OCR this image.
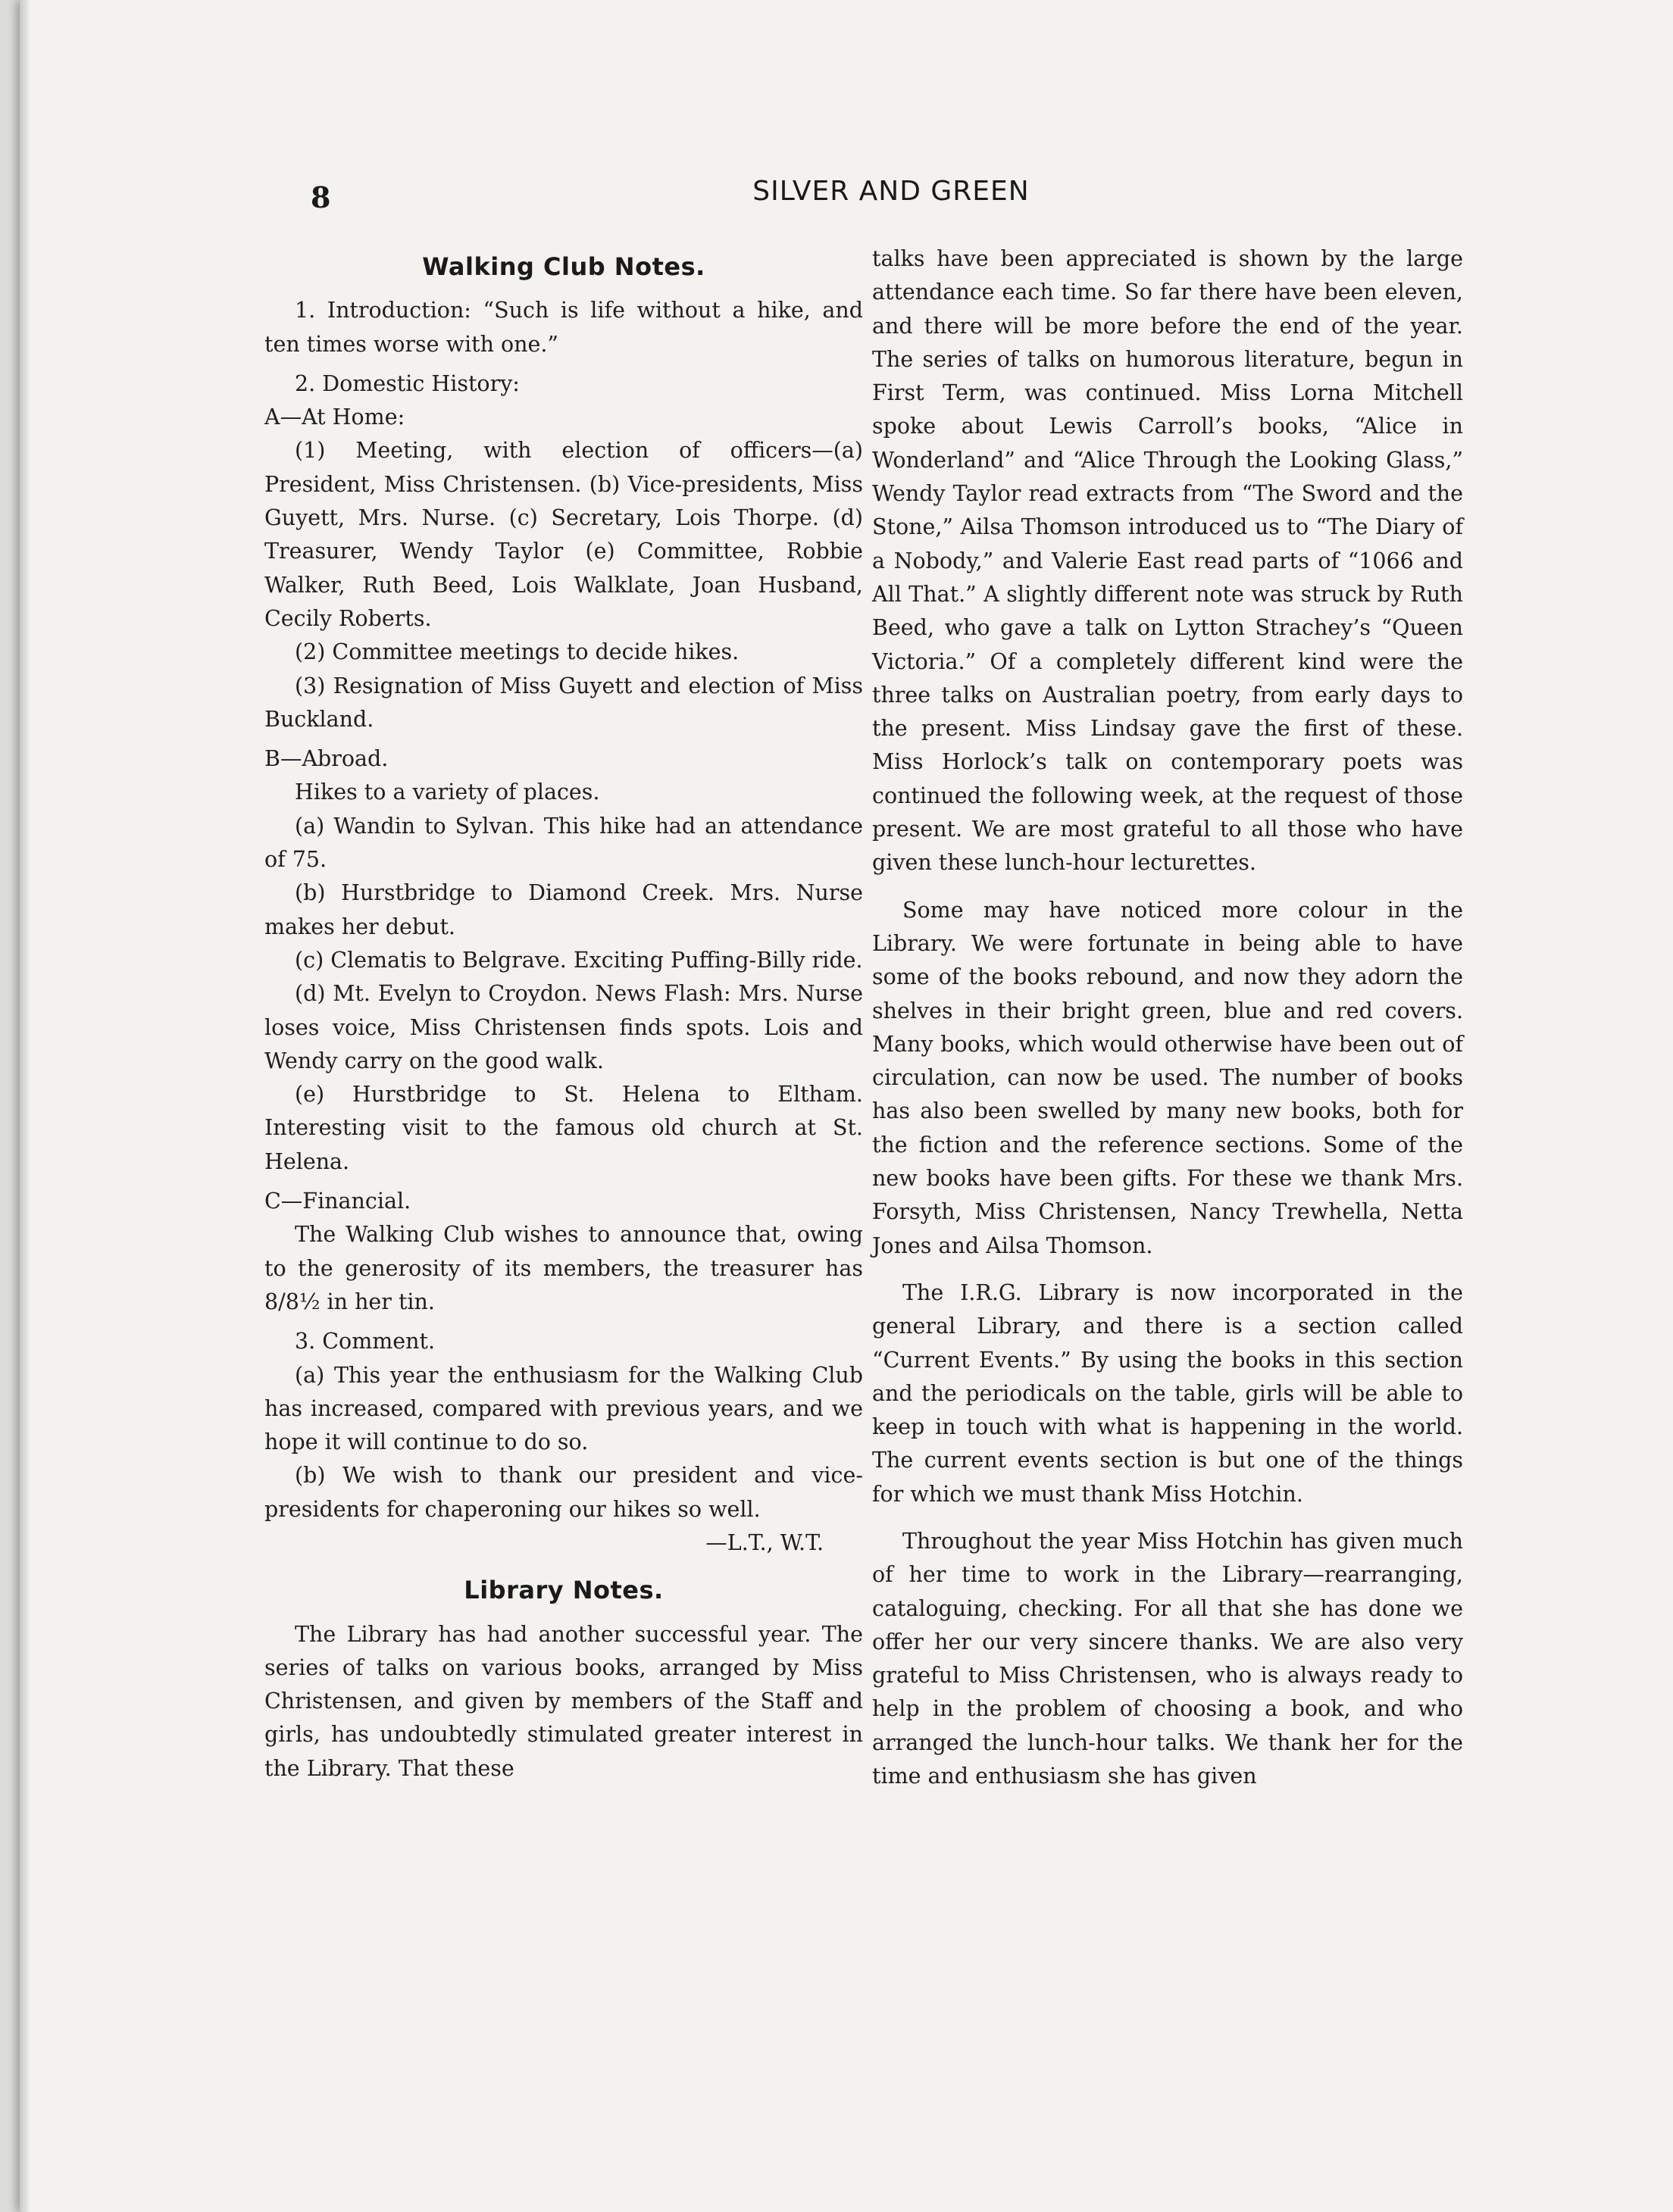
8	SILVER AND GREEN
Walking Club Notes.

1. Introduction: “Such is life without a hike, and ten times worse with one.”

2. Domestic History:

A—At Home:

(1) Meeting, with election of officers—(a) President, Miss Christensen. (b) Vice-presidents, Miss Guyett, Mrs. Nurse. (c) Secretary, Lois Thorpe. (d) Treasurer, Wendy Taylor (e) Committee, Robbie Walker, Ruth Beed, Lois Walklate, Joan Husband, Cecily Roberts.

(2) Committee meetings to decide hikes.

(3) Resignation of Miss Guyett and election of Miss Buckland.

B—Abroad.

Hikes to a variety of places.

(a) Wandin to Sylvan. This hike had an attendance of 75.

(b) Hurstbridge to Diamond Creek. Mrs. Nurse makes her debut.

(c) Clematis to Belgrave. Exciting Puffing-Billy ride.

(d) Mt. Evelyn to Croydon. News Flash: Mrs. Nurse loses voice, Miss Christensen finds spots. Lois and Wendy carry on the good walk.

(e) Hurstbridge to St. Helena to Eltham. Interesting visit to the famous old church at St. Helena.

C—Financial.

The Walking Club wishes to announce that, owing to the generosity of its members, the treasurer has 8/8½ in her tin.

3. Comment.

(a) This year the enthusiasm for the Walking Club has increased, compared with previous years, and we hope it will continue to do so.

(b) We wish to thank our president and vice-presidents for chaperoning our hikes so well.

—L.T., W.T.

Library Notes.

The Library has had another successful year. The series of talks on various books, arranged by Miss Christensen, and given by members of the Staff and girls, has undoubtedly stimulated greater interest in the Library. That these

talks have been appreciated is shown by the large attendance each time. So far there have been eleven, and there will be more before the end of the year. The series of talks on humorous literature, begun in First Term, was continued. Miss Lorna Mitchell spoke about Lewis Carroll’s books, “Alice in Wonderland” and “Alice Through the Looking Glass,” Wendy Taylor read extracts from “The Sword and the Stone,” Ailsa Thomson introduced us to “The Diary of a Nobody,” and Valerie East read parts of “1066 and All That.” A slightly different note was struck by Ruth Beed, who gave a talk on Lytton Strachey’s “Queen Victoria.” Of a completely different kind were the three talks on Australian poetry, from early days to the present. Miss Lindsay gave the first of these. Miss Horlock’s talk on contemporary poets was continued the following week, at the request of those present. We are most grateful to all those who have given these lunch-hour lecturettes.

Some may have noticed more colour in the Library. We were fortunate in being able to have some of the books rebound, and now they adorn the shelves in their bright green, blue and red covers. Many books, which would otherwise have been out of circulation, can now be used. The number of books has also been swelled by many new books, both for the fiction and the reference sections. Some of the new books have been gifts. For these we thank Mrs. Forsyth, Miss Christensen, Nancy Trewhella, Netta Jones and Ailsa Thomson.

The I.R.G. Library is now incorporated in the general Library, and there is a section called “Current Events.” By using the books in this section and the periodicals on the table, girls will be able to keep in touch with what is happening in the world. The current events section is but one of the things for which we must thank Miss Hotchin.

Throughout the year Miss Hotchin has given much of her time to work in the Library—rearranging, cataloguing, checking. For all that she has done we offer her our very sincere thanks. We are also very grateful to Miss Christensen, who is always ready to help in the problem of choosing a book, and who arranged the lunch-hour talks. We thank her for the time and enthusiasm she has given
